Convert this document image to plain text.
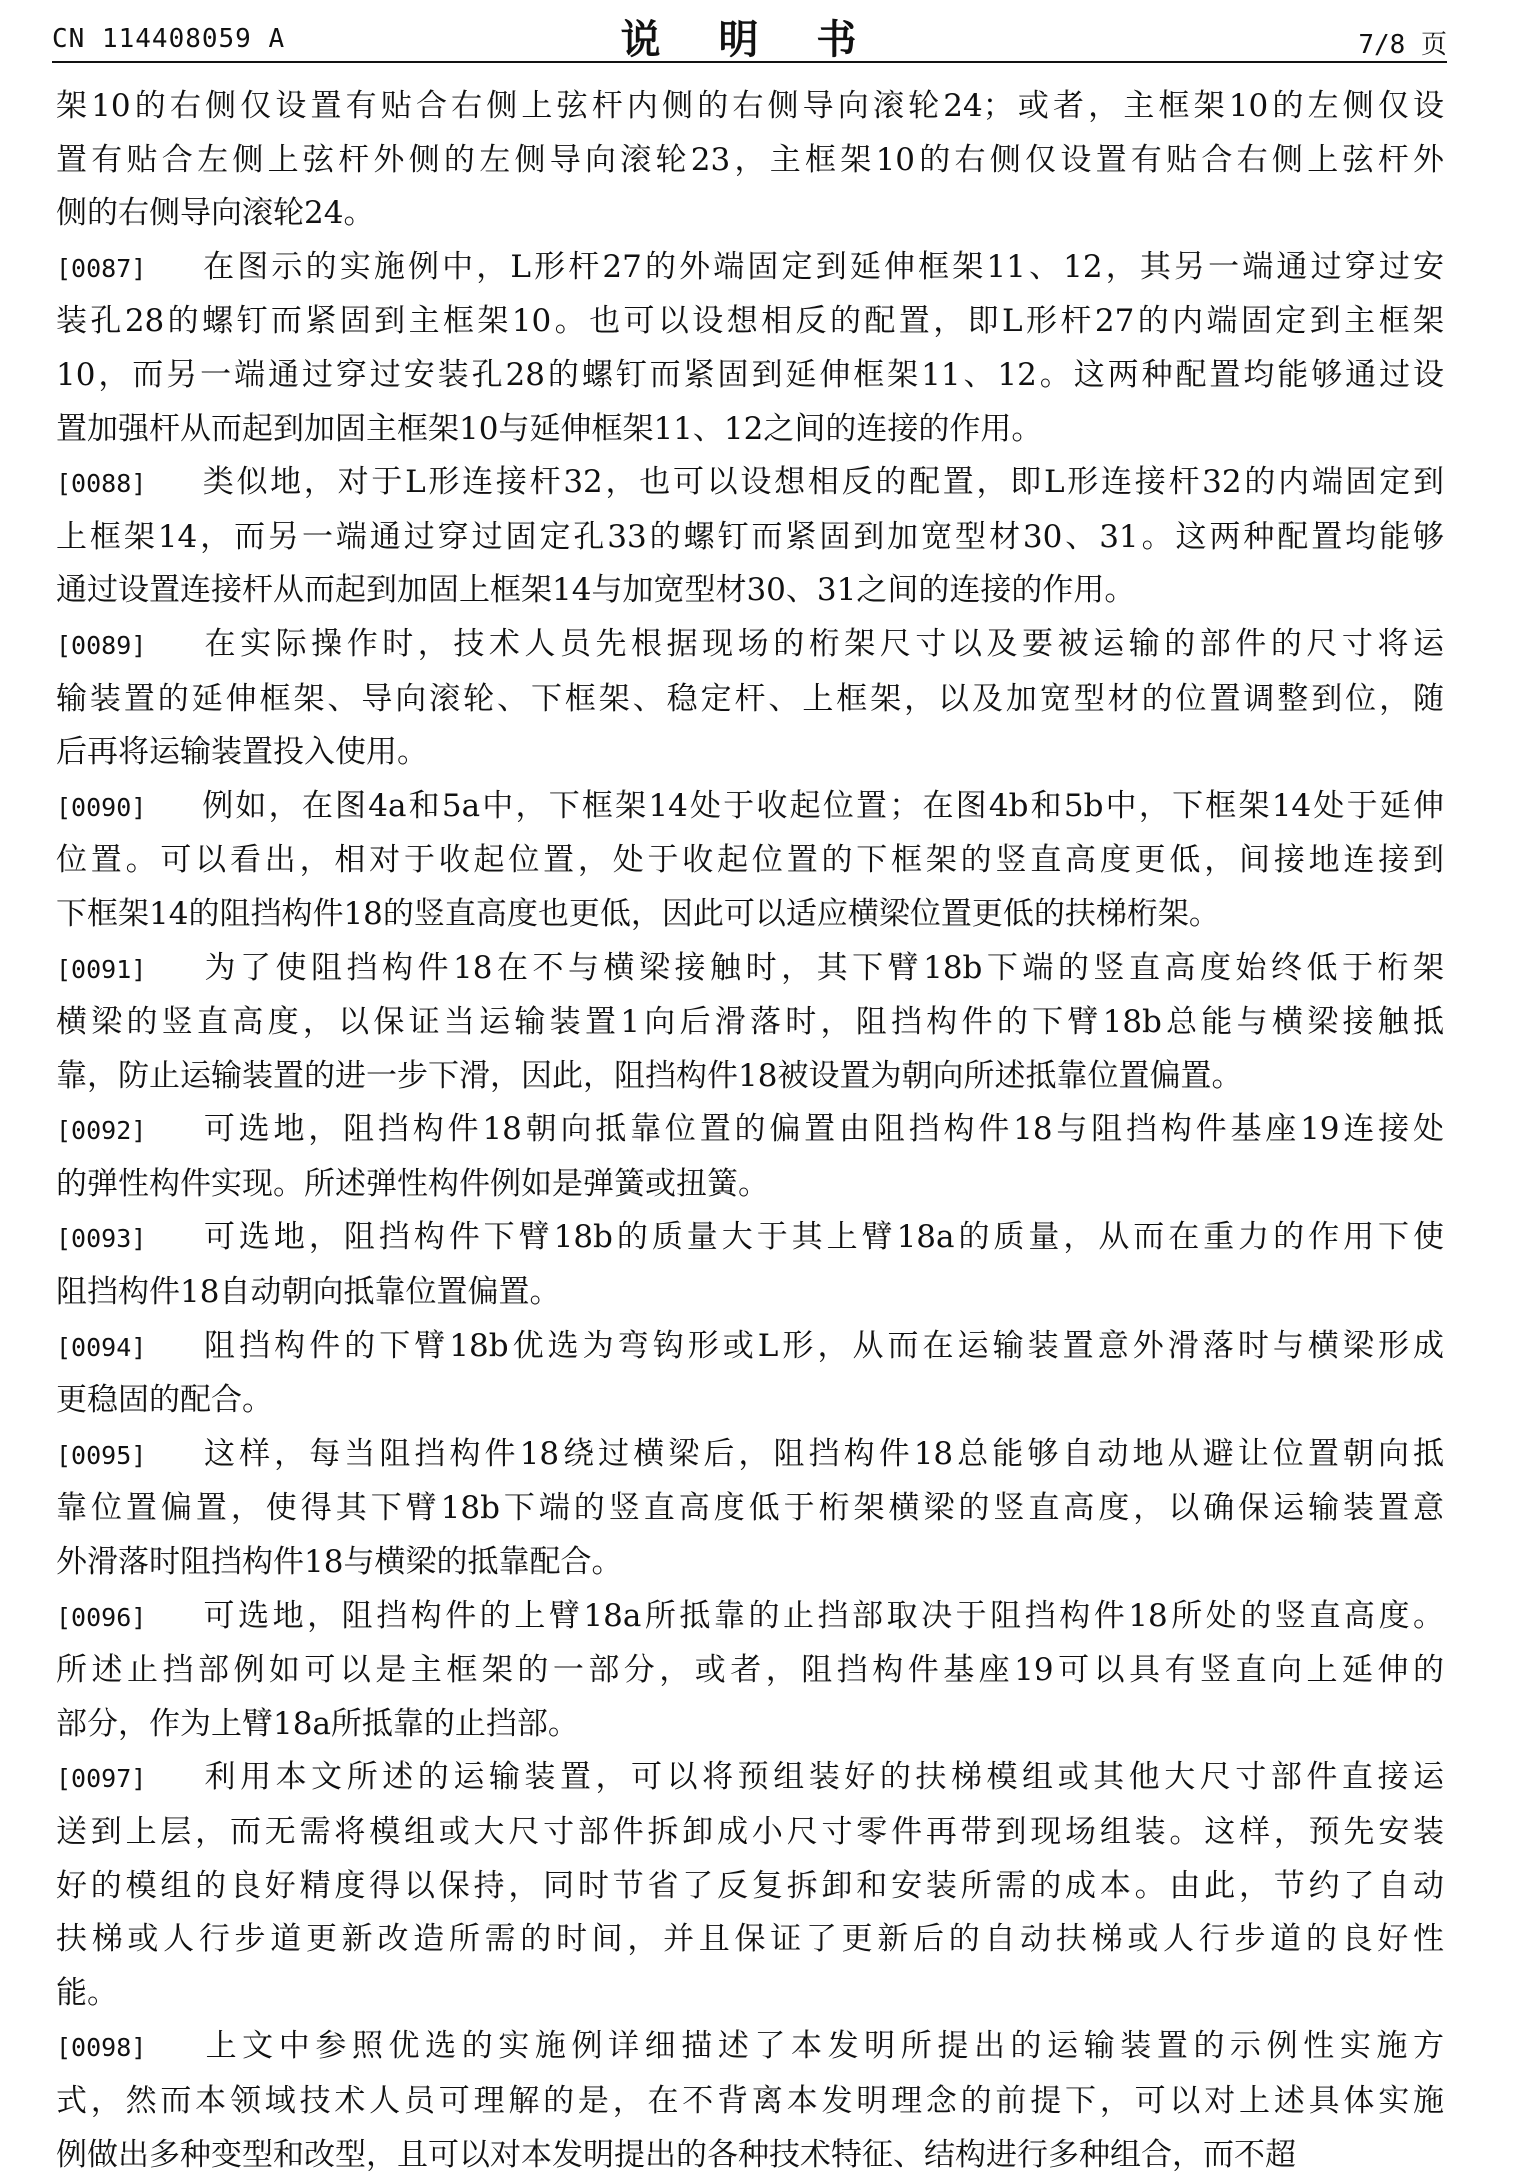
CN 114408059 A	说 明 书	7/8 页
架10的右侧仅设置有贴合右侧上弦杆内侧的右侧导向滚轮24；或者，主框架10的左侧仅设
置有贴合左侧上弦杆外侧的左侧导向滚轮23，主框架10的右侧仅设置有贴合右侧上弦杆外
侧的右侧导向滚轮24。
[0087] 在图示的实施例中，L形杆27的外端固定到延伸框架11、12，其另一端通过穿过安
装孔28的螺钉而紧固到主框架10。也可以设想相反的配置，即L形杆27的内端固定到主框架
10，而另一端通过穿过安装孔28的螺钉而紧固到延伸框架11、12。这两种配置均能够通过设
置加强杆从而起到加固主框架10与延伸框架11、12之间的连接的作用。
[0088] 类似地，对于L形连接杆32，也可以设想相反的配置，即L形连接杆32的内端固定到
上框架14，而另一端通过穿过固定孔33的螺钉而紧固到加宽型材30、31。这两种配置均能够
通过设置连接杆从而起到加固上框架14与加宽型材30、31之间的连接的作用。
[0089] 在实际操作时，技术人员先根据现场的桁架尺寸以及要被运输的部件的尺寸将运
输装置的延伸框架、导向滚轮、下框架、稳定杆、上框架，以及加宽型材的位置调整到位，随
后再将运输装置投入使用。
[0090] 例如，在图4a和5a中，下框架14处于收起位置；在图4b和5b中，下框架14处于延伸
位置。可以看出，相对于收起位置，处于收起位置的下框架的竖直高度更低，间接地连接到
下框架14的阻挡构件18的竖直高度也更低，因此可以适应横梁位置更低的扶梯桁架。
[0091] 为了使阻挡构件18在不与横梁接触时，其下臂18b下端的竖直高度始终低于桁架
横梁的竖直高度，以保证当运输装置1向后滑落时，阻挡构件的下臂18b总能与横梁接触抵
靠，防止运输装置的进一步下滑，因此，阻挡构件18被设置为朝向所述抵靠位置偏置。
[0092] 可选地，阻挡构件18朝向抵靠位置的偏置由阻挡构件18与阻挡构件基座19连接处
的弹性构件实现。所述弹性构件例如是弹簧或扭簧。
[0093] 可选地，阻挡构件下臂18b的质量大于其上臂18a的质量，从而在重力的作用下使
阻挡构件18自动朝向抵靠位置偏置。
[0094] 阻挡构件的下臂18b优选为弯钩形或L形，从而在运输装置意外滑落时与横梁形成
更稳固的配合。
[0095] 这样，每当阻挡构件18绕过横梁后，阻挡构件18总能够自动地从避让位置朝向抵
靠位置偏置，使得其下臂18b下端的竖直高度低于桁架横梁的竖直高度，以确保运输装置意
外滑落时阻挡构件18与横梁的抵靠配合。
[0096] 可选地，阻挡构件的上臂18a所抵靠的止挡部取决于阻挡构件18所处的竖直高度。
所述止挡部例如可以是主框架的一部分，或者，阻挡构件基座19可以具有竖直向上延伸的
部分，作为上臂18a所抵靠的止挡部。
[0097] 利用本文所述的运输装置，可以将预组装好的扶梯模组或其他大尺寸部件直接运
送到上层，而无需将模组或大尺寸部件拆卸成小尺寸零件再带到现场组装。这样，预先安装
好的模组的良好精度得以保持，同时节省了反复拆卸和安装所需的成本。由此，节约了自动
扶梯或人行步道更新改造所需的时间，并且保证了更新后的自动扶梯或人行步道的良好性
能。
[0098] 上文中参照优选的实施例详细描述了本发明所提出的运输装置的示例性实施方
式，然而本领域技术人员可理解的是，在不背离本发明理念的前提下，可以对上述具体实施
例做出多种变型和改型，且可以对本发明提出的各种技术特征、结构进行多种组合，而不超
